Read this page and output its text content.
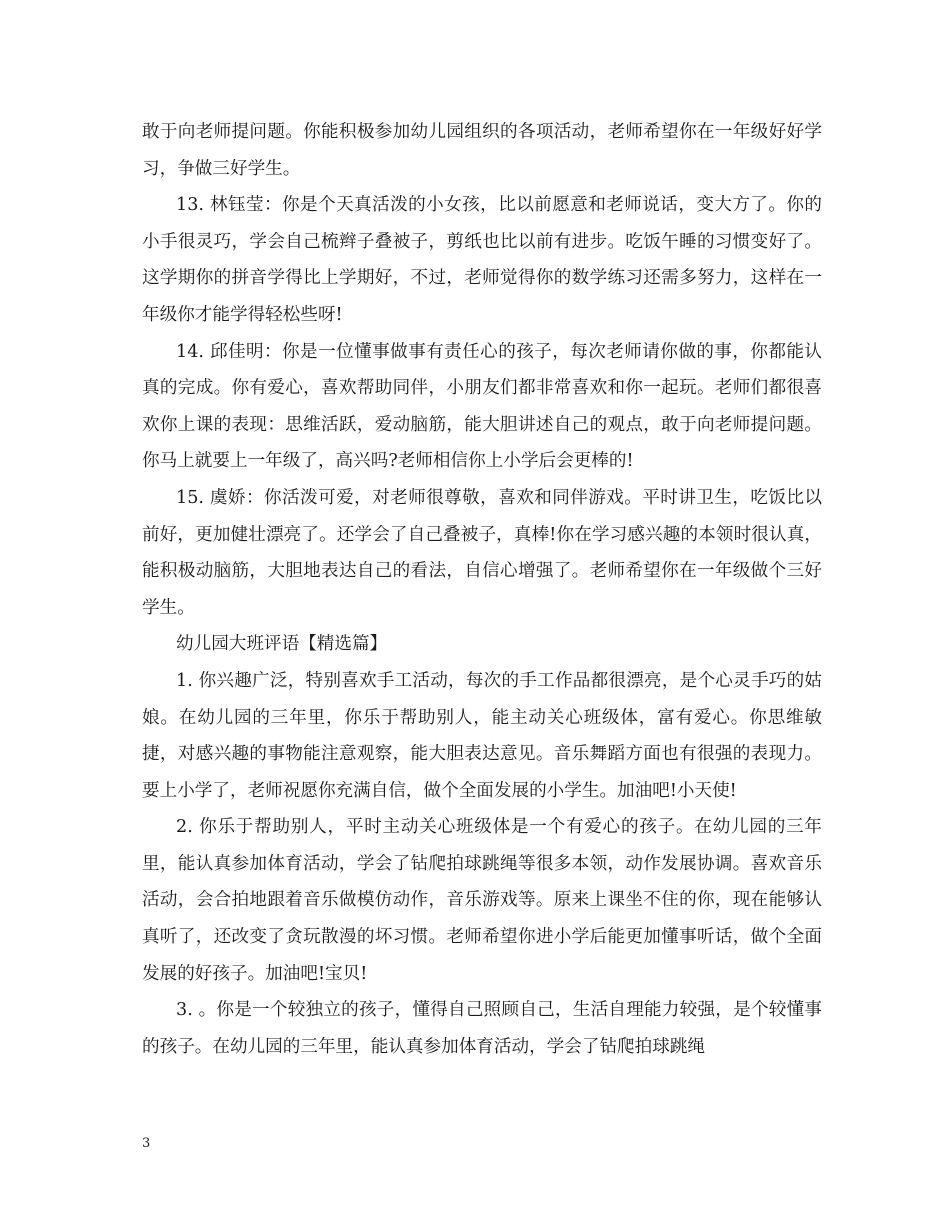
敢于向老师提问题。你能积极参加幼儿园组织的各项活动，老师希望你在一年级好好学习，争做三好学生。

13. 林钰莹：你是个天真活泼的小女孩，比以前愿意和老师说话，变大方了。你的小手很灵巧，学会自己梳辫子叠被子，剪纸也比以前有进步。吃饭午睡的习惯变好了。这学期你的拼音学得比上学期好，不过，老师觉得你的数学练习还需多努力，这样在一年级你才能学得轻松些呀!

14. 邱佳明：你是一位懂事做事有责任心的孩子，每次老师请你做的事，你都能认真的完成。你有爱心，喜欢帮助同伴，小朋友们都非常喜欢和你一起玩。老师们都很喜欢你上课的表现：思维活跃，爱动脑筋，能大胆讲述自己的观点，敢于向老师提问题。你马上就要上一年级了，高兴吗?老师相信你上小学后会更棒的!

15. 虞娇：你活泼可爱，对老师很尊敬，喜欢和同伴游戏。平时讲卫生，吃饭比以前好，更加健壮漂亮了。还学会了自己叠被子，真棒!你在学习感兴趣的本领时很认真，能积极动脑筋，大胆地表达自己的看法，自信心增强了。老师希望你在一年级做个三好学生。

幼儿园大班评语【精选篇】

1. 你兴趣广泛，特别喜欢手工活动，每次的手工作品都很漂亮，是个心灵手巧的姑娘。在幼儿园的三年里，你乐于帮助别人，能主动关心班级体，富有爱心。你思维敏捷，对感兴趣的事物能注意观察，能大胆表达意见。音乐舞蹈方面也有很强的表现力。要上小学了，老师祝愿你充满自信，做个全面发展的小学生。加油吧!小天使!

2. 你乐于帮助别人，平时主动关心班级体是一个有爱心的孩子。在幼儿园的三年里，能认真参加体育活动，学会了钻爬拍球跳绳等很多本领，动作发展协调。喜欢音乐活动，会合拍地跟着音乐做模仿动作，音乐游戏等。原来上课坐不住的你，现在能够认真听了，还改变了贪玩散漫的坏习惯。老师希望你进小学后能更加懂事听话，做个全面发展的好孩子。加油吧!宝贝!

3. 。你是一个较独立的孩子，懂得自己照顾自己，生活自理能力较强，是个较懂事的孩子。在幼儿园的三年里，能认真参加体育活动，学会了钻爬拍球跳绳

3
